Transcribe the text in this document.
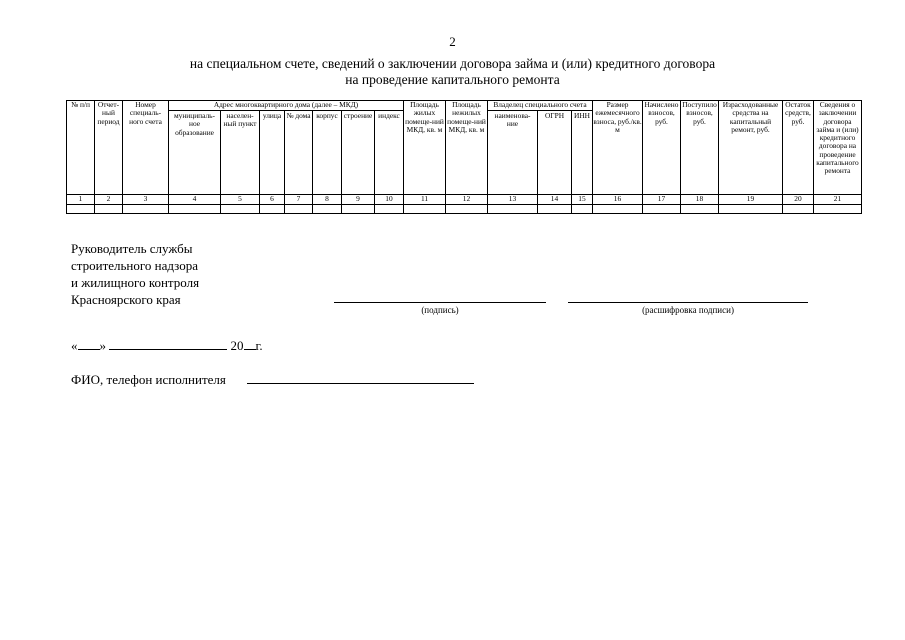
2
на специальном счете, сведений о заключении договора займа и (или) кредитного договора
на проведение капитального ремонта
№ п/п	Отчет-ный период	Номер специаль-ного счета	Адрес многоквартирного дома (далее – МКД)							Площадь жилых помеще-ний МКД, кв. м	Площадь нежилых помеще-ний МКД, кв. м	Владелец специального счета			Размер ежемесячного взноса, руб./кв. м	Начислено взносов, руб.	Поступило взносов, руб.	Израсходованные средства на капитальный ремонт, руб.	Остаток средств, руб.	Сведения о заключении договора займа и (или) кредитного договора на проведение капитального ремонта
			муниципаль-ное образование	населен-ный пункт	улица	№ дома	корпус	строение	индекс			наименова-ние	ОГРН	ИНН						
1	2	3	4	5	6	7	8	9	10	11	12	13	14	15	16	17	18	19	20	21

Руководитель службы
строительного надзора
и жилищного контроля
Красноярского края
(подпись)	(расшифровка подписи)
« »	20 г.
ФИО, телефон исполнителя
